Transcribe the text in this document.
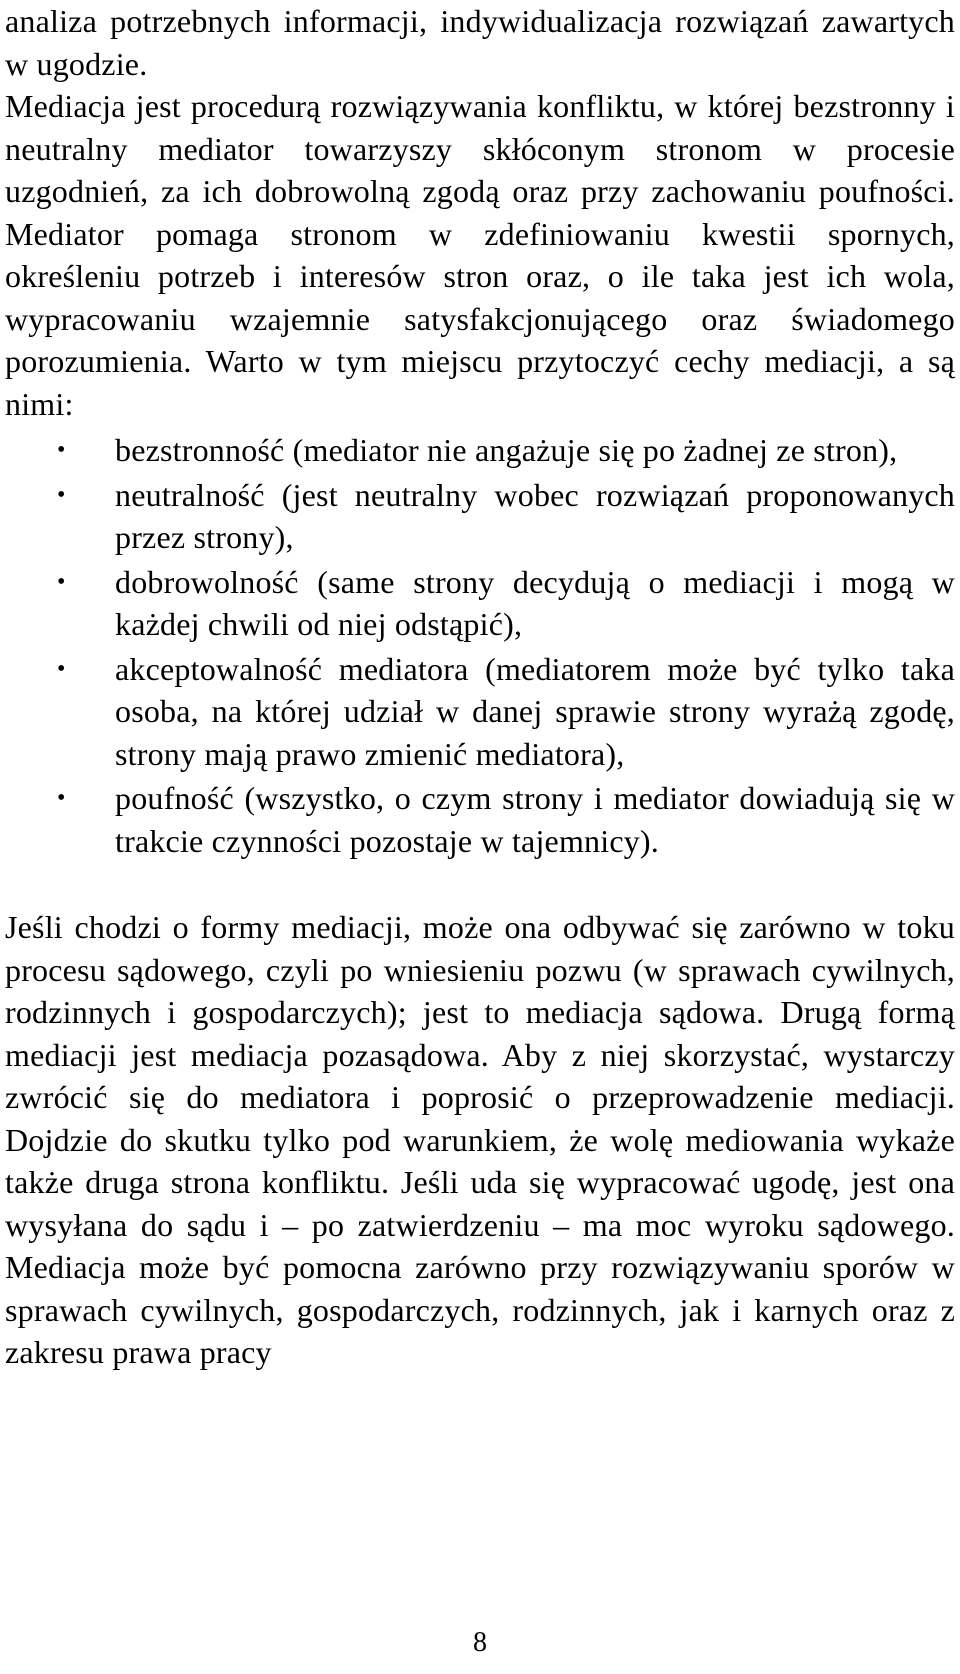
analiza potrzebnych informacji, indywidualizacja rozwiązań zawartych w ugodzie.

Mediacja jest procedurą rozwiązywania konfliktu, w której bezstronny i neutralny mediator towarzyszy skłóconym stronom w procesie uzgodnień, za ich dobrowolną zgodą oraz przy zachowaniu poufności. Mediator pomaga stronom w zdefiniowaniu kwestii spornych, określeniu potrzeb i interesów stron oraz, o ile taka jest ich wola, wypracowaniu wzajemnie satysfakcjonującego oraz świadomego porozumienia. Warto w tym miejscu przytoczyć cechy mediacji, a są nimi:

• bezstronność (mediator nie angażuje się po żadnej ze stron),
• neutralność (jest neutralny wobec rozwiązań proponowanych przez strony),
• dobrowolność (same strony decydują o mediacji i mogą w każdej chwili od niej odstąpić),
• akceptowalność mediatora (mediatorem może być tylko taka osoba, na której udział w danej sprawie strony wyrażą zgodę, strony mają prawo zmienić mediatora),
• poufność (wszystko, o czym strony i mediator dowiadują się w trakcie czynności pozostaje w tajemnicy).

Jeśli chodzi o formy mediacji, może ona odbywać się zarówno w toku procesu sądowego, czyli po wniesieniu pozwu (w sprawach cywilnych, rodzinnych i gospodarczych); jest to mediacja sądowa. Drugą formą mediacji jest mediacja pozasądowa. Aby z niej skorzystać, wystarczy zwrócić się do mediatora i poprosić o przeprowadzenie mediacji. Dojdzie do skutku tylko pod warunkiem, że wolę mediowania wykaże także druga strona konfliktu. Jeśli uda się wypracować ugodę, jest ona wysyłana do sądu i – po zatwierdzeniu – ma moc wyroku sądowego. Mediacja może być pomocna zarówno przy rozwiązywaniu sporów w sprawach cywilnych, gospodarczych, rodzinnych, jak i karnych oraz z zakresu prawa pracy

8
